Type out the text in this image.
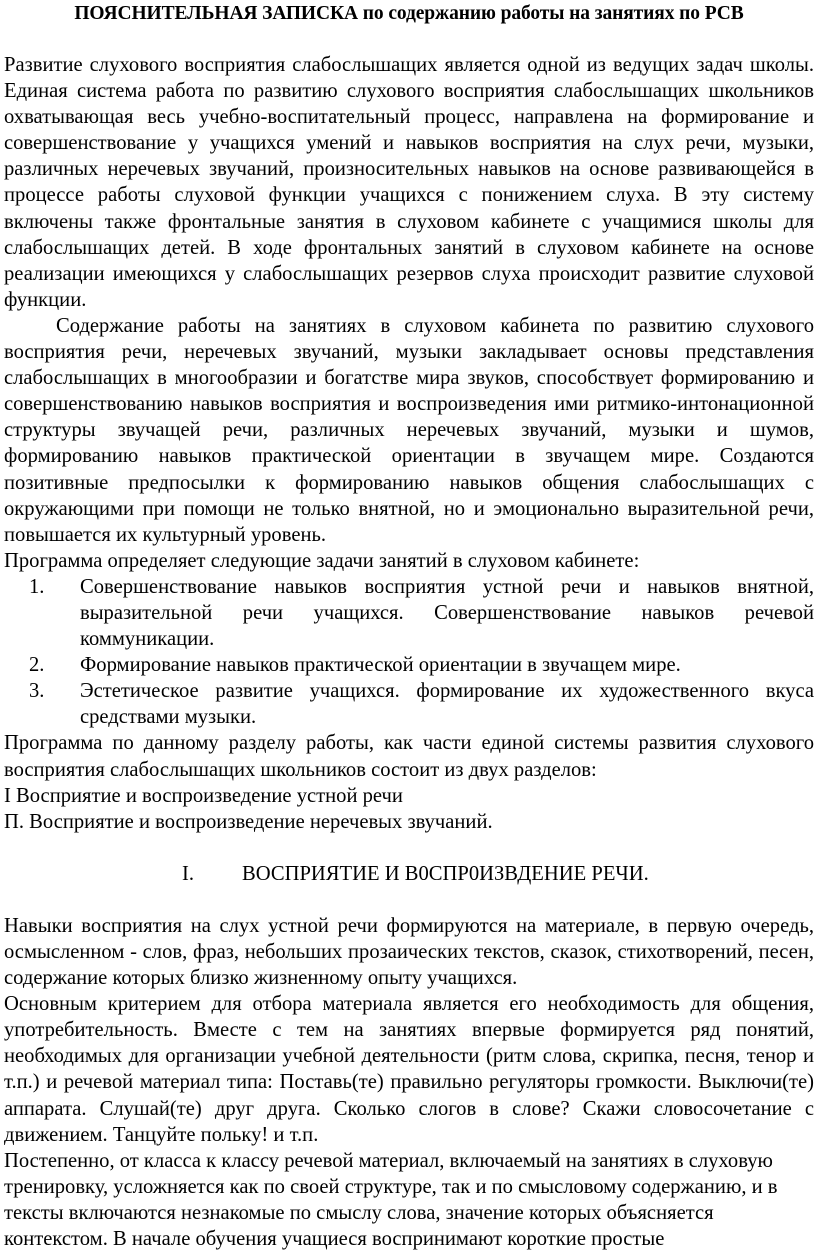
ПОЯСНИТЕЛЬНАЯ ЗАПИСКА по содержанию работы на занятиях по РСВ

Развитие слухового восприятия слабослышащих является одной из ведущих задач школы. Единая система работа по развитию слухового восприятия слабослышащих школьников охватывающая весь учебно-воспитательный процесс, направлена на формирование и совершенствование у учащихся умений и навыков восприятия на слух речи, музыки, различных неречевых звучаний, произносительных навыков на основе развивающейся в процессе работы слуховой функции учащихся с понижением слуха. В эту систему включены также фронтальные занятия в слуховом кабинете с учащимися школы для слабослышащих детей. В ходе фронтальных занятий в слуховом кабинете на основе реализации имеющихся у слабослышащих резервов слуха происходит развитие слуховой функции.

Содержание работы на занятиях в слуховом кабинета по развитию слухового восприятия речи, неречевых звучаний, музыки закладывает основы представления слабослышащих в многообразии и богатстве мира звуков, способствует формированию и совершенствованию навыков восприятия и воспроизведения ими ритмико-интонационной структуры звучащей речи, различных неречевых звучаний, музыки и шумов, формированию навыков практической ориентации в звучащем мире. Создаются позитивные предпосылки к формированию навыков общения слабослышащих с окружающими при помощи не только внятной, но и эмоционально выразительной речи, повышается их культурный уровень.

Программа определяет следующие задачи занятий в слуховом кабинете:

1. Совершенствование навыков восприятия устной речи и навыков внятной, выразительной речи учащихся. Совершенствование навыков речевой коммуникации.
2. Формирование навыков практической ориентации в звучащем мире.
3. Эстетическое развитие учащихся. формирование их художественного вкуса средствами музыки.

Программа по данному разделу работы, как части единой системы развития слухового восприятия слабослышащих школьников состоит из двух разделов:

I Восприятие и воспроизведение устной речи

П. Восприятие и воспроизведение неречевых звучаний.

I. ВОСПРИЯТИЕ И В0СПР0ИЗВДЕНИЕ РЕЧИ.

Навыки восприятия на слух устной речи формируются на материале, в первую очередь, осмысленном - слов, фраз, небольших прозаических текстов, сказок, стихотворений, песен, содержание которых близко жизненному опыту учащихся.

Основным критерием для отбора материала является его необходимость для общения, употребительность. Вместе с тем на занятиях впервые формируется ряд понятий, необходимых для организации учебной деятельности (ритм слова, скрипка, песня, тенор и т.п.) и речевой материал типа: Поставь(те) правильно регуляторы громкости. Выключи(те) аппарата. Слушай(те) друг друга. Сколько слогов в слове? Скажи словосочетание с движением. Танцуйте польку! и т.п.

Постепенно, от класса к классу речевой материал, включаемый на занятиях в слуховую тренировку, усложняется как по своей структуре, так и по смысловому содержанию, и в тексты включаются незнакомые по смыслу слова, значение которых объясняется контекстом. В начале обучения учащиеся воспринимают короткие простые
